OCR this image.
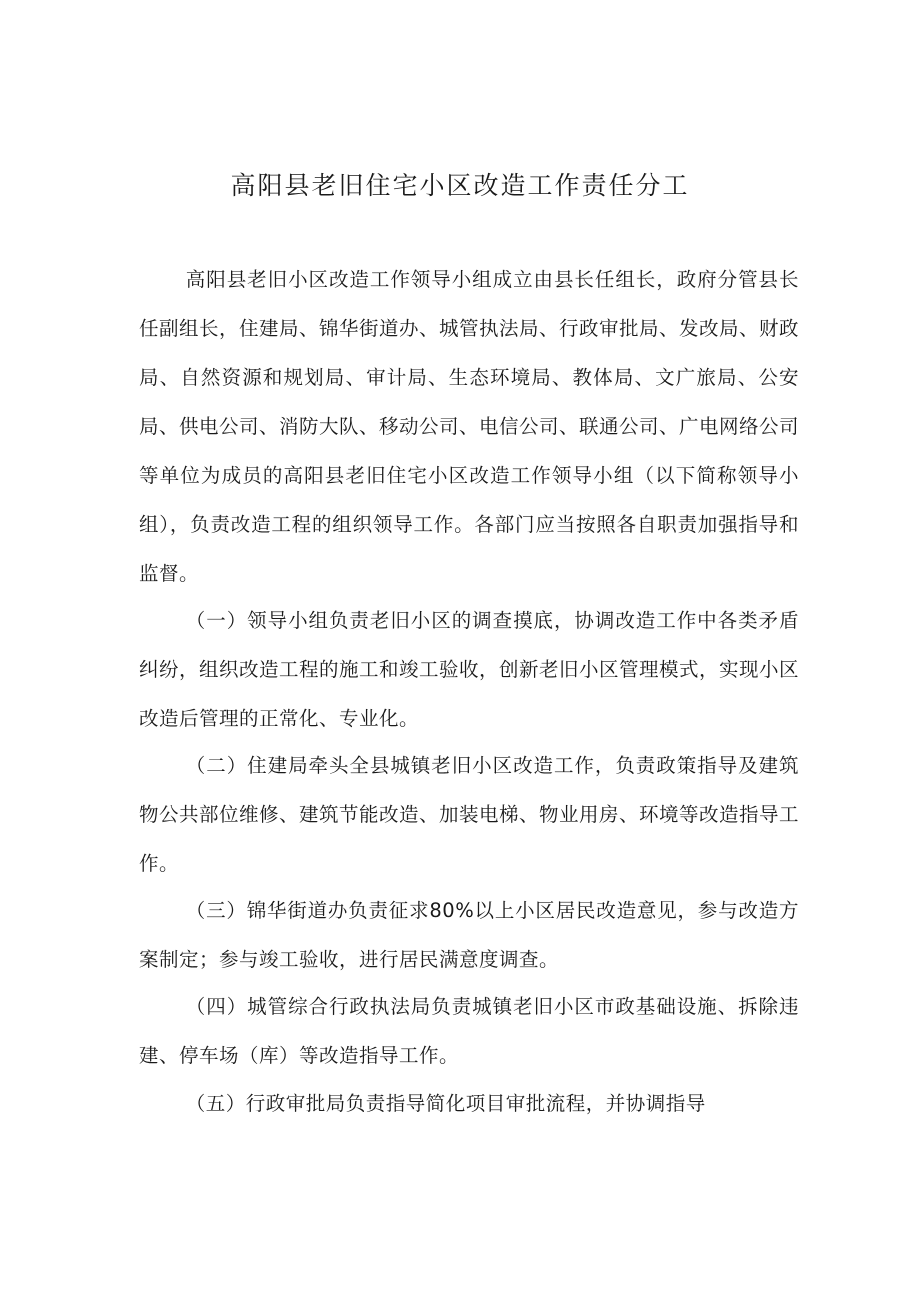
高阳县老旧住宅小区改造工作责任分工

高阳县老旧小区改造工作领导小组成立由县长任组长，政府分管县长任副组长，住建局、锦华街道办、城管执法局、行政审批局、发改局、财政局、自然资源和规划局、审计局、生态环境局、教体局、文广旅局、公安局、供电公司、消防大队、移动公司、电信公司、联通公司、广电网络公司等单位为成员的高阳县老旧住宅小区改造工作领导小组（以下简称领导小组），负责改造工程的组织领导工作。各部门应当按照各自职责加强指导和监督。

（一）领导小组负责老旧小区的调查摸底，协调改造工作中各类矛盾纠纷，组织改造工程的施工和竣工验收，创新老旧小区管理模式，实现小区改造后管理的正常化、专业化。

（二）住建局牵头全县城镇老旧小区改造工作，负责政策指导及建筑物公共部位维修、建筑节能改造、加装电梯、物业用房、环境等改造指导工作。

（三）锦华街道办负责征求80%以上小区居民改造意见，参与改造方案制定；参与竣工验收，进行居民满意度调查。

（四）城管综合行政执法局负责城镇老旧小区市政基础设施、拆除违建、停车场（库）等改造指导工作。

（五）行政审批局负责指导简化项目审批流程，并协调指导
